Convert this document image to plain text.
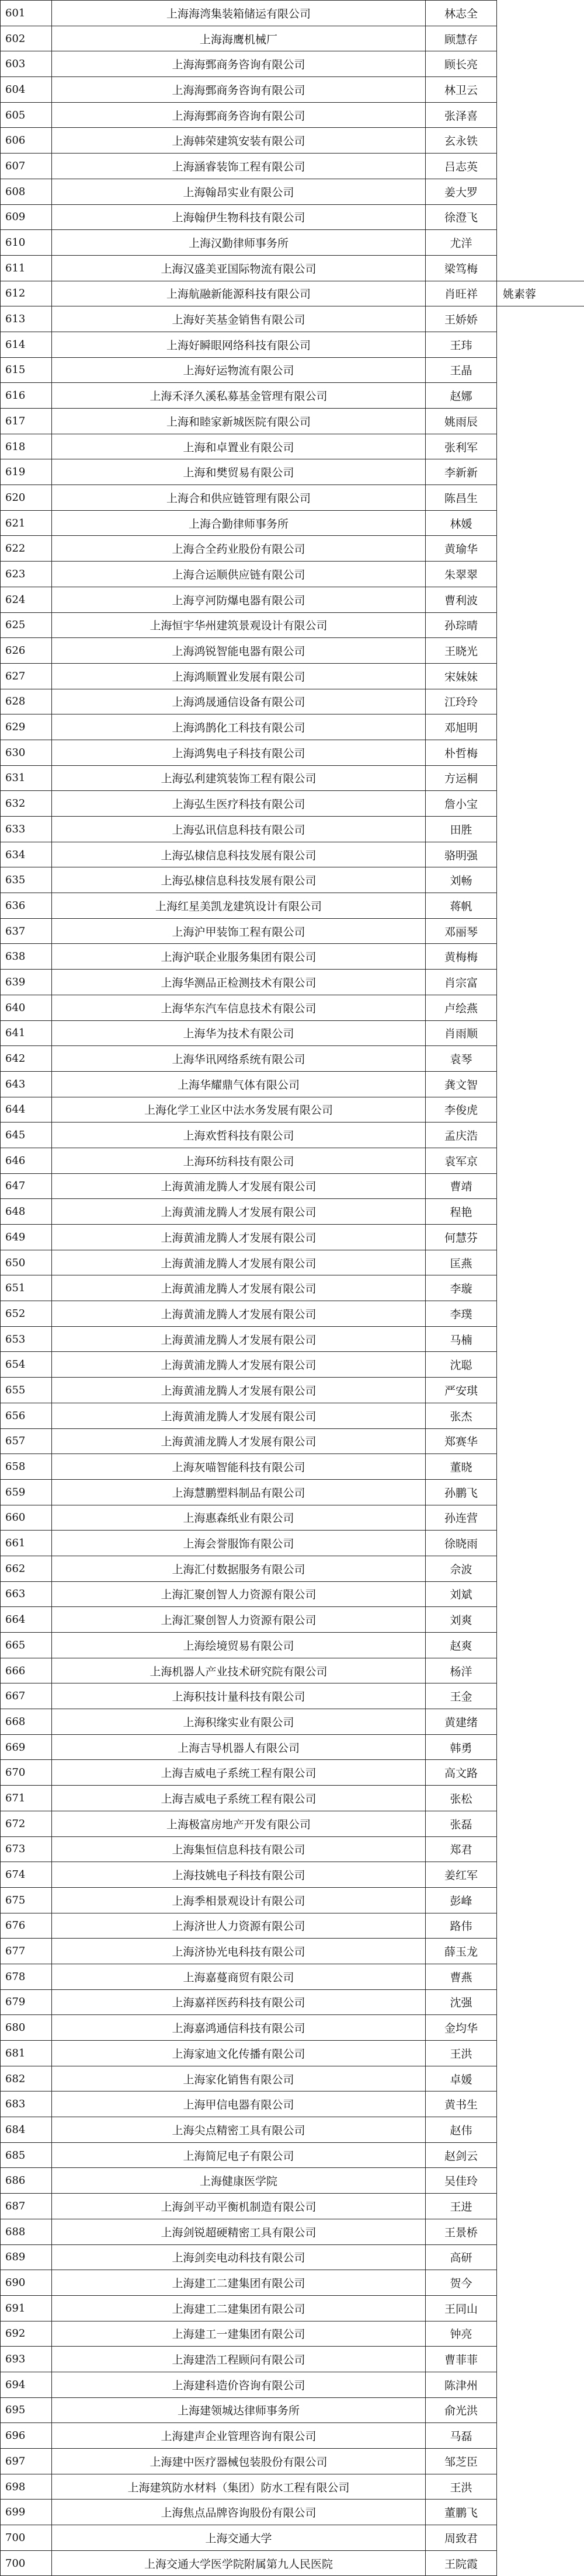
601	上海海湾集装箱储运有限公司	林志全	
602	上海海鹰机械厂	顾慧存	
603	上海海鄄商务咨询有限公司	顾长亮	
604	上海海鄄商务咨询有限公司	林卫云	
605	上海海鄄商务咨询有限公司	张泽喜	
606	上海韩荣建筑安装有限公司	玄永铁	
607	上海涵睿装饰工程有限公司	吕志英	
608	上海翰昂实业有限公司	姜大罗	
609	上海翰伊生物科技有限公司	徐澄飞	
610	上海汉勤律师事务所	尤洋	
611	上海汉盛美亚国际物流有限公司	梁笃梅	
612	上海航融新能源科技有限公司	肖旺祥	姚素蓉
613	上海好芙基金销售有限公司	王娇娇	
614	上海好瞬眼网络科技有限公司	王玮	
615	上海好运物流有限公司	王晶	
616	上海禾泽久溪私募基金管理有限公司	赵娜	
617	上海和睦家新城医院有限公司	姚雨辰	
618	上海和卓置业有限公司	张利军	
619	上海和樊贸易有限公司	李新新	
620	上海合和供应链管理有限公司	陈昌生	
621	上海合勤律师事务所	林媛	
622	上海合全药业股份有限公司	黄瑜华	
623	上海合运顺供应链有限公司	朱翠翠	
624	上海亨河防爆电器有限公司	曹利波	
625	上海恒宇华州建筑景观设计有限公司	孙琮晴	
626	上海鸿锐智能电器有限公司	王晓光	
627	上海鸿顺置业发展有限公司	宋妹妹	
628	上海鸿晟通信设备有限公司	江玲玲	
629	上海鸿鹊化工科技有限公司	邓旭明	
630	上海鸿隽电子科技有限公司	朴哲梅	
631	上海弘利建筑装饰工程有限公司	方运桐	
632	上海弘生医疗科技有限公司	詹小宝	
633	上海弘讯信息科技有限公司	田胜	
634	上海弘棣信息科技发展有限公司	骆明强	
635	上海弘棣信息科技发展有限公司	刘畅	
636	上海红星美凯龙建筑设计有限公司	蒋帆	
637	上海沪甲装饰工程有限公司	邓丽琴	
638	上海沪联企业服务集团有限公司	黄梅梅	
639	上海华测品正检测技术有限公司	肖宗富	
640	上海华东汽车信息技术有限公司	卢绘燕	
641	上海华为技术有限公司	肖雨顺	
642	上海华讯网络系统有限公司	袁琴	
643	上海华耀鼎气体有限公司	龚文智	
644	上海化学工业区中法水务发展有限公司	李俊虎	
645	上海欢哲科技有限公司	孟庆浩	
646	上海环纺科技有限公司	袁军京	
647	上海黄浦龙腾人才发展有限公司	曹靖	
648	上海黄浦龙腾人才发展有限公司	程艳	
649	上海黄浦龙腾人才发展有限公司	何慧芬	
650	上海黄浦龙腾人才发展有限公司	匡燕	
651	上海黄浦龙腾人才发展有限公司	李璇	
652	上海黄浦龙腾人才发展有限公司	李璞	
653	上海黄浦龙腾人才发展有限公司	马楠	
654	上海黄浦龙腾人才发展有限公司	沈聪	
655	上海黄浦龙腾人才发展有限公司	严安琪	
656	上海黄浦龙腾人才发展有限公司	张杰	
657	上海黄浦龙腾人才发展有限公司	郑赛华	
658	上海灰喵智能科技有限公司	董晓	
659	上海慧鹏塑料制品有限公司	孙鹏飞	
660	上海惠森纸业有限公司	孙连营	
661	上海会誉服饰有限公司	徐晓雨	
662	上海汇付数据服务有限公司	佘波	
663	上海汇聚创智人力资源有限公司	刘斌	
664	上海汇聚创智人力资源有限公司	刘爽	
665	上海绘境贸易有限公司	赵爽	
666	上海机器人产业技术研究院有限公司	杨洋	
667	上海积技计量科技有限公司	王金	
668	上海积缘实业有限公司	黄建绪	
669	上海吉导机器人有限公司	韩勇	
670	上海吉威电子系统工程有限公司	高文路	
671	上海吉威电子系统工程有限公司	张松	
672	上海极富房地产开发有限公司	张磊	
673	上海集恒信息科技有限公司	郑君	
674	上海技姚电子科技有限公司	姜红军	
675	上海季相景观设计有限公司	彭峰	
676	上海济世人力资源有限公司	路伟	
677	上海济协光电科技有限公司	薛玉龙	
678	上海嘉蔓商贸有限公司	曹燕	
679	上海嘉祥医药科技有限公司	沈强	
680	上海嘉鸿通信科技有限公司	金均华	
681	上海家迪文化传播有限公司	王洪	
682	上海家化销售有限公司	卓媛	
683	上海甲信电器有限公司	黄书生	
684	上海尖点精密工具有限公司	赵伟	
685	上海简尼电子有限公司	赵剑云	
686	上海健康医学院	吴佳玲	
687	上海剑平动平衡机制造有限公司	王进	
688	上海剑锐超硬精密工具有限公司	王景桥	
689	上海剑奕电动科技有限公司	高研	
690	上海建工二建集团有限公司	贺今	
691	上海建工二建集团有限公司	王同山	
692	上海建工一建集团有限公司	钟亮	
693	上海建浩工程顾问有限公司	曹菲菲	
694	上海建科造价咨询有限公司	陈津州	
695	上海建领城达律师事务所	俞光洪	
696	上海建声企业管理咨询有限公司	马磊	
697	上海建中医疗器械包装股份有限公司	邹芝臣	
698	上海建筑防水材料（集团）防水工程有限公司	王洪	
699	上海焦点品牌咨询股份有限公司	董鹏飞	
700	上海交通大学	周致君	
700	上海交通大学医学院附属第九人民医院	王院霞	
